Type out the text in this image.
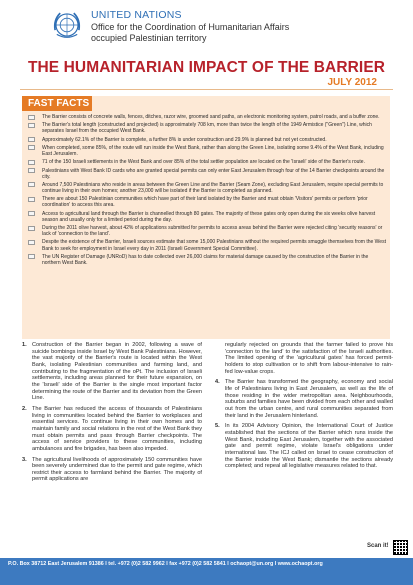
UNITED NATIONS
Office for the Coordination of Humanitarian Affairs
occupied Palestinian territory
THE HUMANITARIAN IMPACT OF THE BARRIER
JULY 2012
FAST FACTS
The Barrier consists of concrete walls, fences, ditches, razor wire, groomed sand paths, an electronic monitoring system, patrol roads, and a buffer zone.
The Barrier's total length (constructed and projected) is approximately 708 km, more than twice the length of the 1949 Armistice ("Green") Line, which separates Israel from the occupied West Bank.
Approximately 62.1% of the Barrier is complete, a further 8% is under construction and 29.9% is planned but not yet constructed.
When completed, some 85%, of the route will run inside the West Bank, rather than along the Green Line, isolating some 9.4% of the West Bank, including East Jerusalem.
71 of the 150 Israeli settlements in the West Bank and over 85% of the total settler population are located on the 'Israeli' side of the Barrier's route.
Palestinians with West Bank ID cards who are granted special permits can only enter East Jerusalem through four of the 14 Barrier checkpoints around the city.
Around 7,500 Palestinians who reside in areas between the Green Line and the Barrier (Seam Zone), excluding East Jerusalem, require special permits to continue living in their own homes; another 23,000 will be isolated if the Barrier is completed as planned.
There are about 150 Palestinian communities which have part of their land isolated by the Barrier and must obtain 'Visitors' permits or perform 'prior coordination' to access this area.
Access to agricultural land through the Barrier is channelled through 80 gates. The majority of these gates only open during the six weeks olive harvest season and usually only for a limited period during the day.
During the 2011 olive harvest, about 42% of applications submitted for permits to access areas behind the Barrier were rejected citing 'security reasons' or lack of 'connection to the land'.
Despite the existence of the Barrier, Israeli sources estimate that some 15,000 Palestinians without the required permits smuggle themselves from the West Bank to seek for employment in Israel every day in 2011 (Israeli Government Special Committee).
The UN Register of Damage (UNRoD) has to date collected over 26,000 claims for material damage caused by the construction of the Barrier in the northern West Bank.
1. Construction of the Barrier began in 2002, following a wave of suicide bombings inside Israel by West Bank Palestinians. However, the vast majority of the Barrier's route is located within the West Bank, isolating Palestinian communities and farming land, and contributing to the fragmentation of the oPt. The inclusion of Israeli settlements, including areas planned for their future expansion, on the 'Israeli' side of the Barrier is the single most important factor determining the route of the Barrier and its deviation from the Green Line.
2. The Barrier has reduced the access of thousands of Palestinians living in communities located behind the Barrier to workplaces and essential services. To continue living in their own homes and to maintain family and social relations in the rest of the West Bank they must obtain permits and pass through Barrier checkpoints. The access of service providers to these communities, including ambulances and fire brigades, has been also impeded.
3. The agricultural livelihoods of approximately 150 communities have been severely undermined due to the permit and gate regime, which restrict their access to farmland behind the Barrier. The majority of permit applications are
regularly rejected on grounds that the farmer failed to prove his 'connection to the land' to the satisfaction of the Israeli authorities. The limited opening of the 'agricultural gates' has forced permit-holders to stop cultivation or to shift from labour-intensive to rain-fed low-value crops.
4. The Barrier has transformed the geography, economy and social life of Palestinians living in East Jerusalem, as well as the life of those residing in the wider metropolitan area. Neighbourhoods, suburbs and families have been divided from each other and walled out from the urban centre, and rural communities separated from their land in the Jerusalem hinterland.
5. In its 2004 Advisory Opinion, the International Court of Justice established that the sections of the Barrier which runs inside the West Bank, including East Jerusalem, together with the associated gate and permit regime, violate Israel's obligations under international law. The ICJ called on Israel to cease construction of the Barrier inside the West Bank; dismantle the sections already completed; and repeal all legislative measures related to that.
Scan it!
P.O. Box 38712 East Jerusalem 91386 l tel. +972 (0)2 582 9962 l fax +972 (0)2 582 5841 l ochaopt@un.org l www.ochaopt.org
